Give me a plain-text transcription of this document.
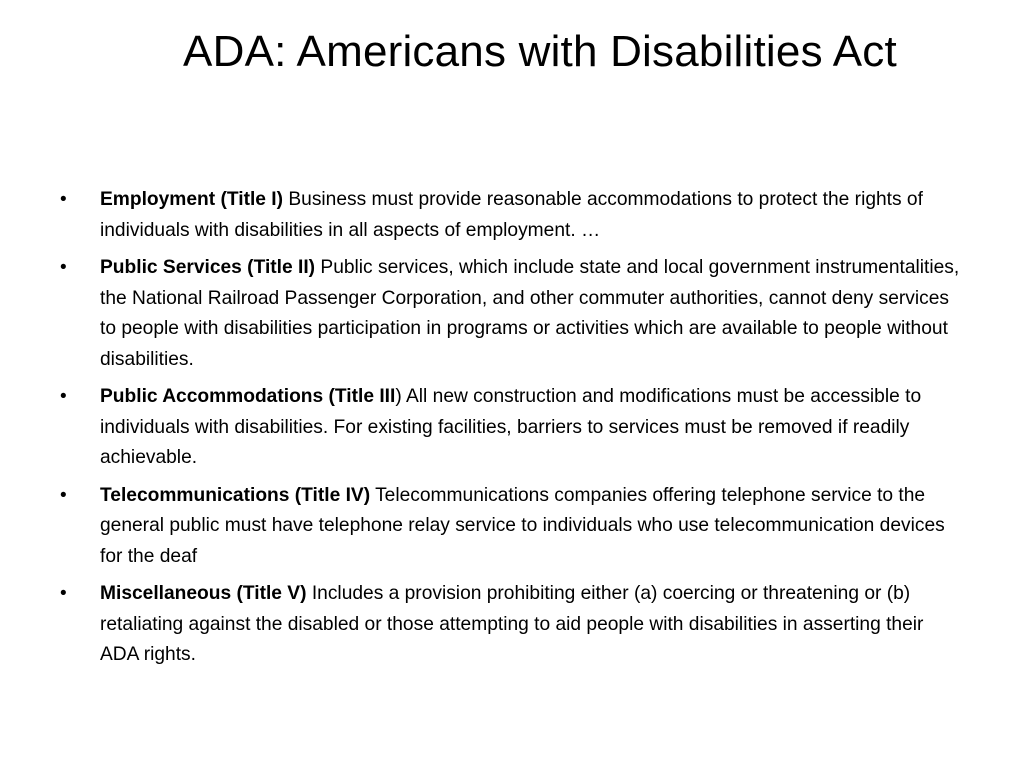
ADA: Americans with Disabilities Act
•	Employment (Title I) Business must provide reasonable accommodations to protect the rights of individuals with disabilities in all aspects of employment. …
•	Public Services (Title II) Public services, which include state and local government instrumentalities, the National Railroad Passenger Corporation, and other commuter authorities, cannot deny services to people with disabilities participation in programs or activities which are available to people without disabilities.
•	Public Accommodations (Title III) All new construction and modifications must be accessible to individuals with disabilities. For existing facilities, barriers to services must be removed if readily achievable.
•	Telecommunications (Title IV) Telecommunications companies offering telephone service to the general public must have telephone relay service to individuals who use telecommunication devices for the deaf
•	Miscellaneous (Title V) Includes a provision prohibiting either (a) coercing or threatening or (b) retaliating against the disabled or those attempting to aid people with disabilities in asserting their ADA rights.
